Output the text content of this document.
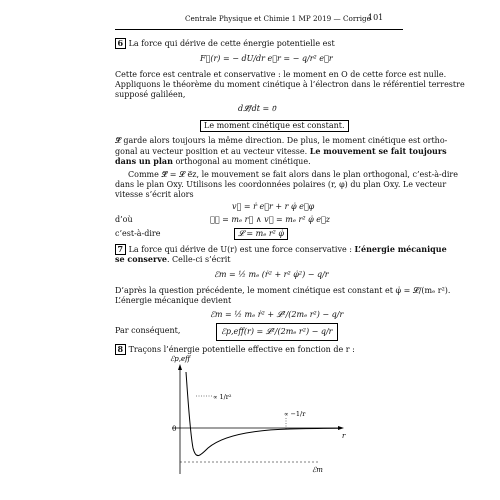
Centrale Physique et Chimie 1 MP 2019 — Corrigé
101
6 La force qui dérive de cette énergie potentielle est
F⃗(r) = − dU/dr e⃗r = − q/r² e⃗r
Cette force est centrale et conservative : le moment en O de cette force est nulle.
Appliquons le théorème du moment cinétique à l’électron dans le référentiel terrestre
supposé galiléen,
d𝓛⃗/dt = 0⃗
Le moment cinétique est constant.
𝓛⃗ garde alors toujours la même direction. De plus, le moment cinétique est ortho-
gonal au vecteur position et au vecteur vitesse. Le mouvement se fait toujours
dans un plan orthogonal au moment cinétique.
Comme 𝓛⃗ = 𝓛 e⃗z, le mouvement se fait alors dans le plan orthogonal, c’est-à-dire
dans le plan Oxy. Utilisons les coordonnées polaires (r, φ) du plan Oxy. Le vecteur
vitesse s’écrit alors
v⃗ = ṙ e⃗r + r φ̇ e⃗φ
d’où	𝓛⃗ = mₑ r⃗ ∧ v⃗ = mₑ r² φ̇ e⃗z
c’est-à-dire	𝓛 = mₑ r² φ̇
7 La force qui dérive de U(r) est une force conservative : L’énergie mécanique
se conserve. Celle-ci s’écrit
ℰm = ½ mₑ (ṙ² + r² φ̇²) − q/r
D’après la question précédente, le moment cinétique est constant et φ̇ = 𝓛/(mₑ r²).
L’énergie mécanique devient
ℰm = ½ mₑ ṙ² + 𝓛²/(2mₑ r²) − q/r
Par conséquent,	ℰp,eff(r) = 𝓛²/(2mₑ r²) − q/r
8 Traçons l’énergie potentielle effective en fonction de r :
ℰp,eff
r
0
∝ 1/r²
∝ −1/r
ℰm
